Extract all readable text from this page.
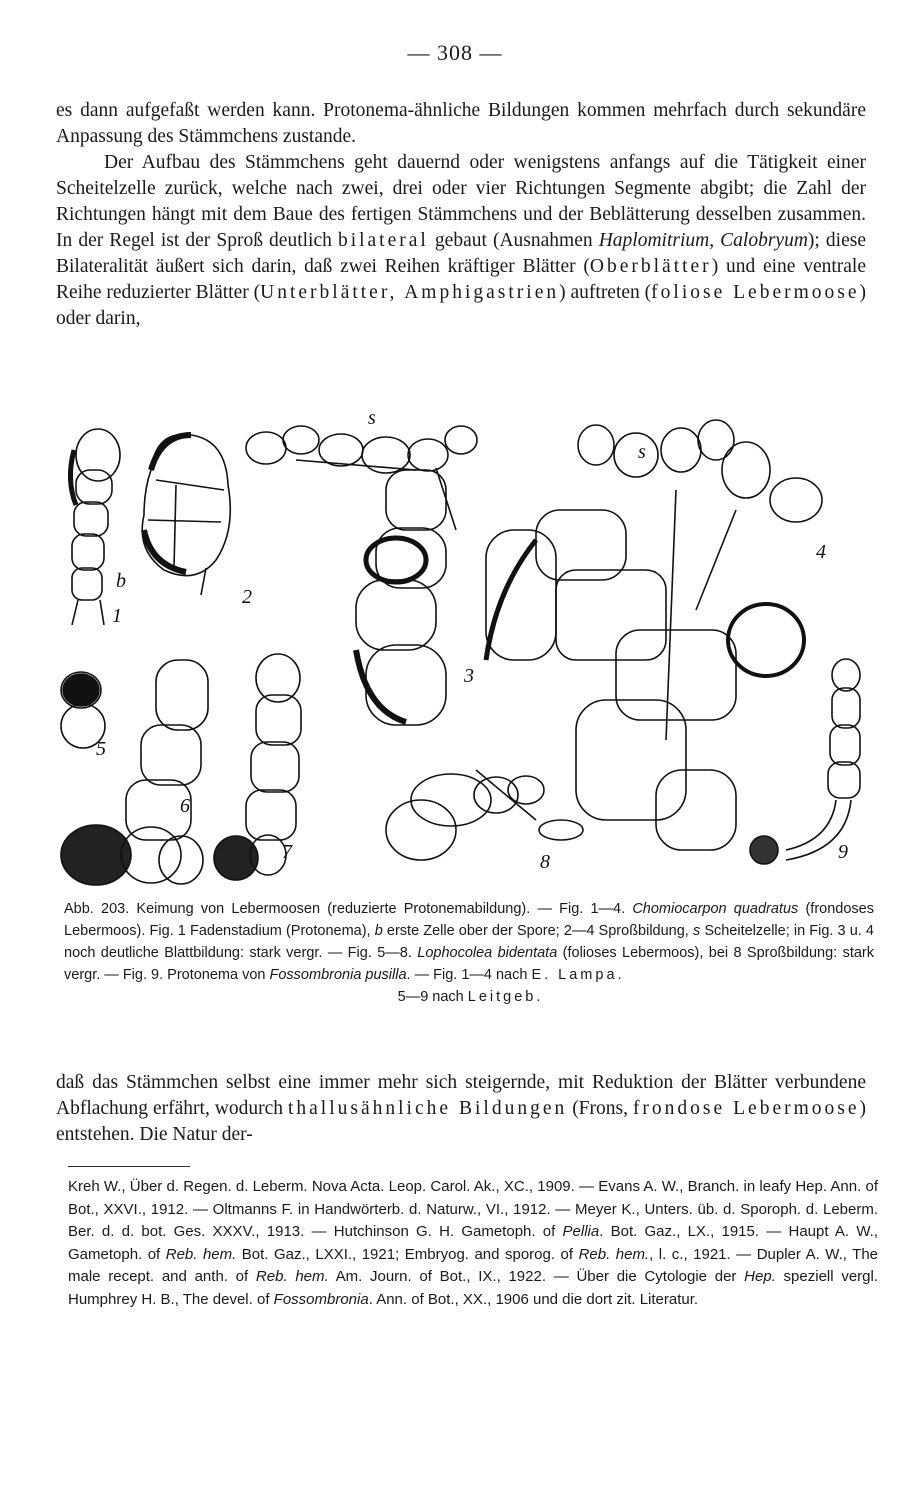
— 308 —

es dann aufgefaßt werden kann. Protonema-ähnliche Bildungen kommen mehrfach durch sekundäre Anpassung des Stämmchens zustande.

Der Aufbau des Stämmchens geht dauernd oder wenigstens anfangs auf die Tätigkeit einer Scheitelzelle zurück, welche nach zwei, drei oder vier Richtungen Segmente abgibt; die Zahl der Richtungen hängt mit dem Baue des fertigen Stämmchens und der Beblätterung desselben zusammen. In der Regel ist der Sproß deutlich bilateral gebaut (Ausnahmen Haplomitrium, Calobryum); diese Bilateralität äußert sich darin, daß zwei Reihen kräftiger Blätter (Oberblätter) und eine ventrale Reihe reduzierter Blätter (Unterblätter, Amphigastrien) auftreten (foliose Lebermoose) oder darin,

b
1
2
s
3
s
4
5
6
7	8	9

Abb. 203. Keimung von Lebermoosen (reduzierte Protonemabildung). — Fig. 1—4. Chomiocarpon quadratus (frondoses Lebermoos). Fig. 1 Fadenstadium (Protonema), b erste Zelle ober der Spore; 2—4 Sproßbildung, s Scheitelzelle; in Fig. 3 u. 4 noch deutliche Blattbildung: stark vergr. — Fig. 5—8. Lophocolea bidentata (folioses Lebermoos), bei 8 Sproßbildung: stark vergr. — Fig. 9. Protonema von Fossombronia pusilla. — Fig. 1—4 nach E. Lampa.

5—9 nach Leitgeb.

daß das Stämmchen selbst eine immer mehr sich steigernde, mit Reduktion der Blätter verbundene Abflachung erfährt, wodurch thallusähnliche Bildungen (Frons, frondose Lebermoose) entstehen. Die Natur der-

Kreh W., Über d. Regen. d. Leberm. Nova Acta. Leop. Carol. Ak., XC., 1909. — Evans A. W., Branch. in leafy Hep. Ann. of Bot., XXVI., 1912. — Oltmanns F. in Handwörterb. d. Naturw., VI., 1912. — Meyer K., Unters. üb. d. Sporoph. d. Leberm. Ber. d. d. bot. Ges. XXXV., 1913. — Hutchinson G. H. Gametoph. of Pellia. Bot. Gaz., LX., 1915. — Haupt A. W., Gametoph. of Reb. hem. Bot. Gaz., LXXI., 1921; Embryog. and sporog. of Reb. hem., l. c., 1921. — Dupler A. W., The male recept. and anth. of Reb. hem. Am. Journ. of Bot., IX., 1922. — Über die Cytologie der Hep. speziell vergl. Humphrey H. B., The devel. of Fossombronia. Ann. of Bot., XX., 1906 und die dort zit. Literatur.
